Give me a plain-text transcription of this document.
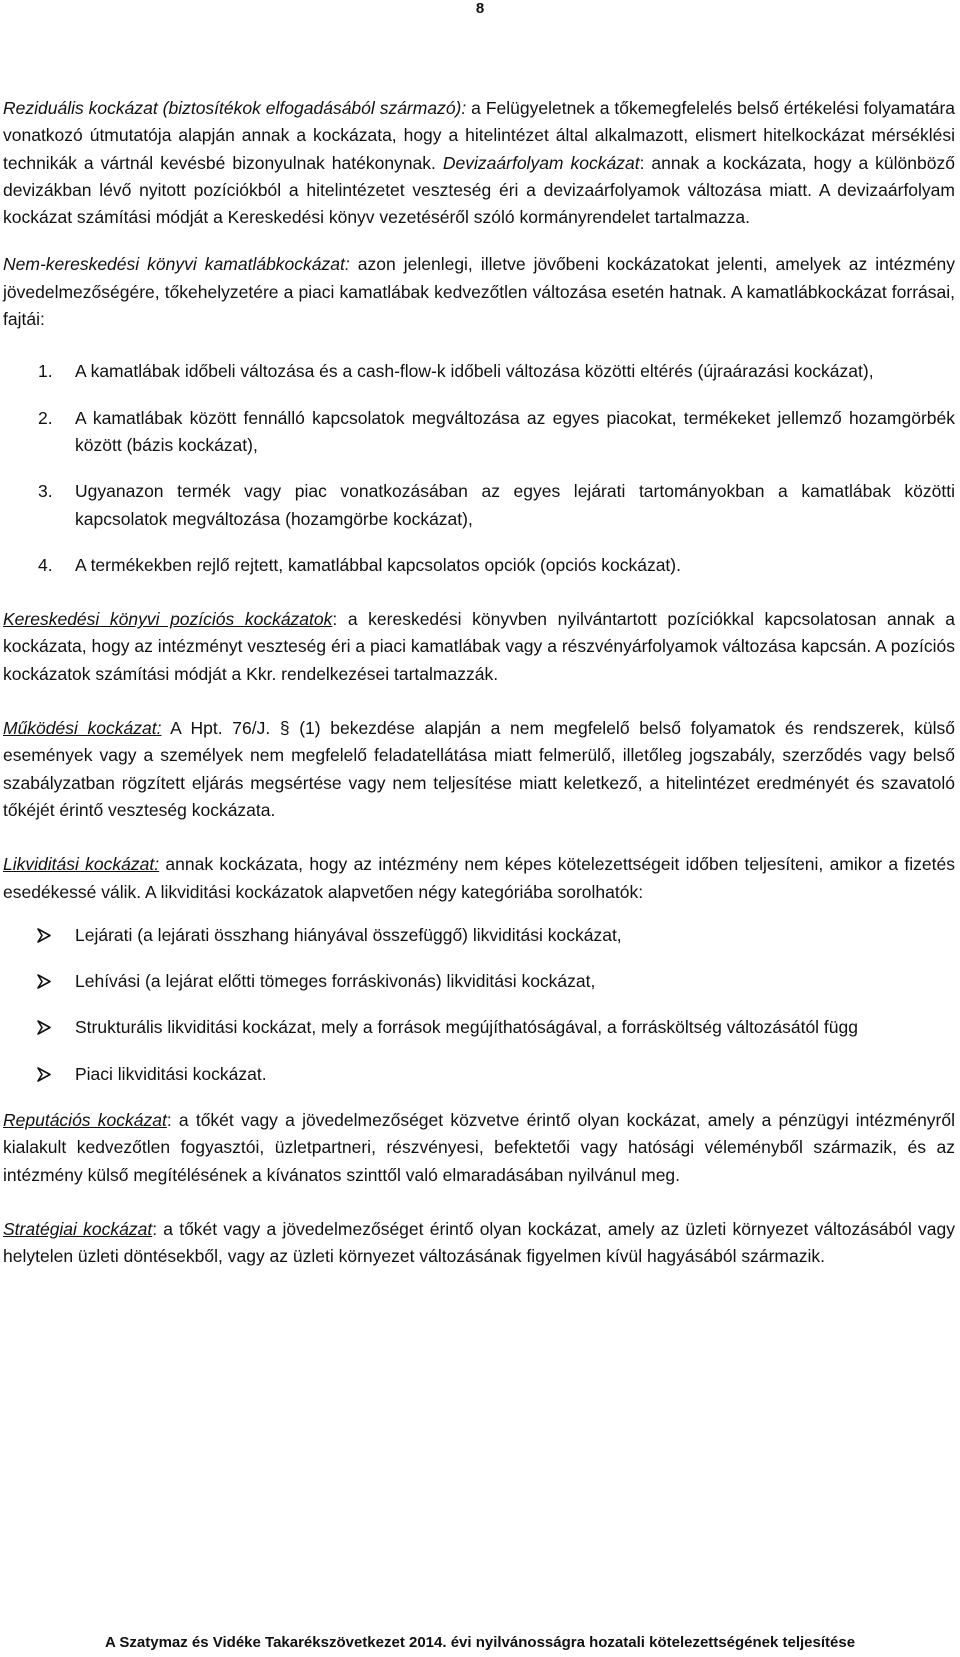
8

Reziduális kockázat (biztosítékok elfogadásából származó): a Felügyeletnek a tőkemegfelelés belső értékelési folyamatára vonatkozó útmutatója alapján annak a kockázata, hogy a hitelintézet által alkalmazott, elismert hitelkockázat mérséklési technikák a vártnál kevésbé bizonyulnak hatékonynak. Devizaárfolyam kockázat: annak a kockázata, hogy a különböző devizákban lévő nyitott pozíciókból a hitelintézetet veszteség éri a devizaárfolyamok változása miatt. A devizaárfolyam kockázat számítási módját a Kereskedési könyv vezetéséről szóló kormányrendelet tartalmazza.

Nem-kereskedési könyvi kamatlábkockázat: azon jelenlegi, illetve jövőbeni kockázatokat jelenti, amelyek az intézmény jövedelmezőségére, tőkehelyzetére a piaci kamatlábak kedvezőtlen változása esetén hatnak. A kamatlábkockázat forrásai, fajtái:

1. A kamatlábak időbeli változása és a cash-flow-k időbeli változása közötti eltérés (újraárazási kockázat),
2. A kamatlábak között fennálló kapcsolatok megváltozása az egyes piacokat, termékeket jellemző hozamgörbék között (bázis kockázat),
3. Ugyanazon termék vagy piac vonatkozásában az egyes lejárati tartományokban a kamatlábak közötti kapcsolatok megváltozása (hozamgörbe kockázat),
4. A termékekben rejlő rejtett, kamatlábbal kapcsolatos opciók (opciós kockázat).

Kereskedési könyvi pozíciós kockázatok: a kereskedési könyvben nyilvántartott pozíciókkal kapcsolatosan annak a kockázata, hogy az intézményt veszteség éri a piaci kamatlábak vagy a részvényárfolyamok változása kapcsán. A pozíciós kockázatok számítási módját a Kkr. rendelkezései tartalmazzák.

Működési kockázat: A Hpt. 76/J. § (1) bekezdése alapján a nem megfelelő belső folyamatok és rendszerek, külső események vagy a személyek nem megfelelő feladatellátása miatt felmerülő, illetőleg jogszabály, szerződés vagy belső szabályzatban rögzített eljárás megsértése vagy nem teljesítése miatt keletkező, a hitelintézet eredményét és szavatoló tőkéjét érintő veszteség kockázata.

Likviditási kockázat: annak kockázata, hogy az intézmény nem képes kötelezettségeit időben teljesíteni, amikor a fizetés esedékessé válik. A likviditási kockázatok alapvetően négy kategóriába sorolhatók:

Lejárati (a lejárati összhang hiányával összefüggő) likviditási kockázat,
Lehívási (a lejárat előtti tömeges forráskivonás) likviditási kockázat,
Strukturális likviditási kockázat, mely a források megújíthatóságával, a forrásköltség változásától függ
Piaci likviditási kockázat.

Reputációs kockázat: a tőkét vagy a jövedelmezőséget közvetve érintő olyan kockázat, amely a pénzügyi intézményről kialakult kedvezőtlen fogyasztói, üzletpartneri, részvényesi, befektetői vagy hatósági véleményből származik, és az intézmény külső megítélésének a kívánatos szinttől való elmaradásában nyilvánul meg.

Stratégiai kockázat: a tőkét vagy a jövedelmezőséget érintő olyan kockázat, amely az üzleti környezet változásából vagy helytelen üzleti döntésekből, vagy az üzleti környezet változásának figyelmen kívül hagyásából származik.

A Szatymaz és Vidéke Takarékszövetkezet 2014. évi nyilvánosságra hozatali kötelezettségének teljesítése
